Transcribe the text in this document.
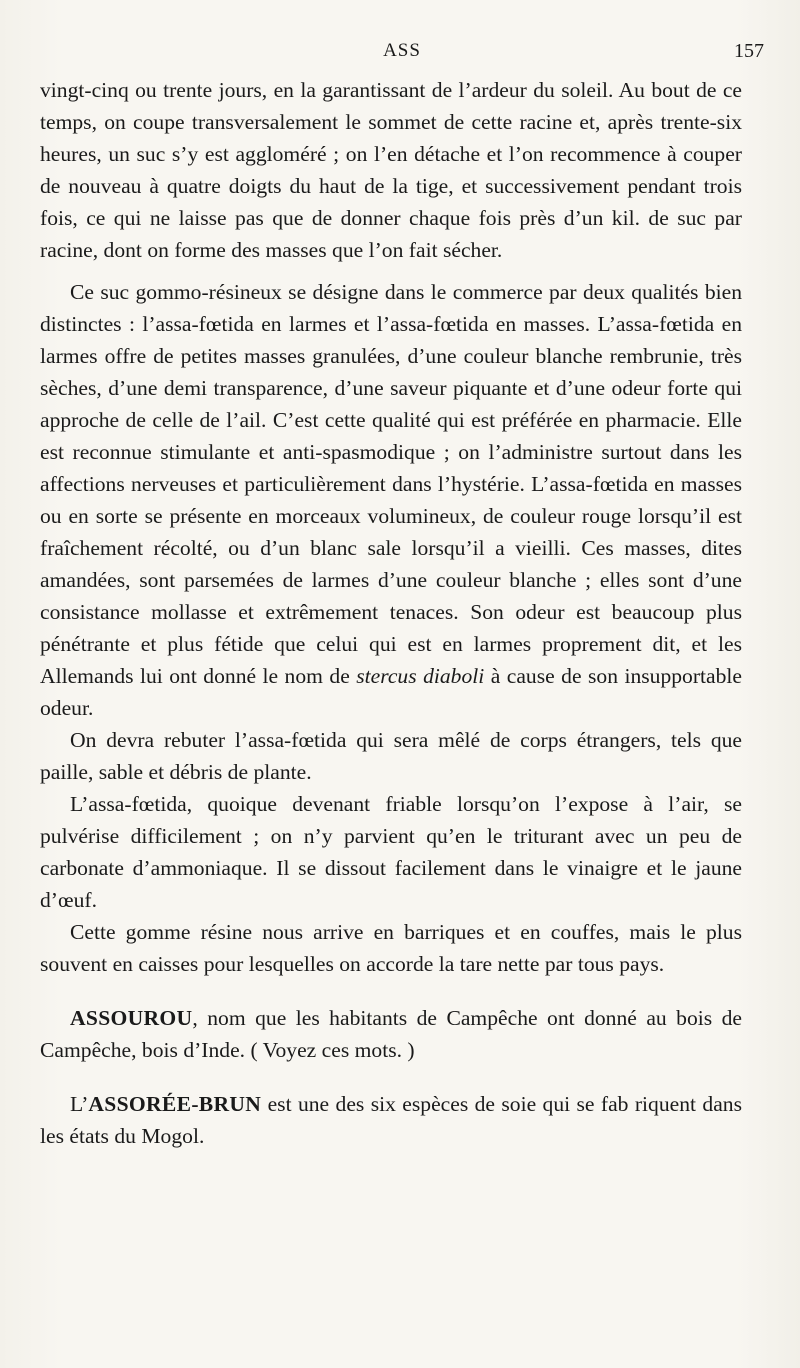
ASS	157

vingt-cinq ou trente jours, en la garantissant de l’ardeur du soleil. Au bout de ce temps, on coupe transversalement le sommet de cette racine et, après trente-six heures, un suc s’y est aggloméré ; on l’en détache et l’on recommence à couper de nouveau à quatre doigts du haut de la tige, et successivement pendant trois fois, ce qui ne laisse pas que de donner chaque fois près d’un kil. de suc par racine, dont on forme des masses que l’on fait sécher.

Ce suc gommo-résineux se désigne dans le commerce par deux qualités bien distinctes : l’assa-fœtida en larmes et l’assa-fœtida en masses. L’assa-fœtida en larmes offre de petites masses granulées, d’une couleur blanche rembrunie, très sèches, d’une demi transparence, d’une saveur piquante et d’une odeur forte qui approche de celle de l’ail. C’est cette qualité qui est préférée en pharmacie. Elle est reconnue stimulante et anti-spasmodique ; on l’administre surtout dans les affections nerveuses et particulièrement dans l’hystérie. L’assa-fœtida en masses ou en sorte se présente en morceaux volumineux, de couleur rouge lorsqu’il est fraîchement récolté, ou d’un blanc sale lorsqu’il a vieilli. Ces masses, dites amandées, sont parsemées de larmes d’une couleur blanche ; elles sont d’une consistance mollasse et extrêmement tenaces. Son odeur est beaucoup plus pénétrante et plus fétide que celui qui est en larmes proprement dit, et les Allemands lui ont donné le nom de stercus diaboli à cause de son insupportable odeur.

On devra rebuter l’assa-fœtida qui sera mêlé de corps étrangers, tels que paille, sable et débris de plante.

L’assa-fœtida, quoique devenant friable lorsqu’on l’expose à l’air, se pulvérise difficilement ; on n’y parvient qu’en le triturant avec un peu de carbonate d’ammoniaque. Il se dissout facilement dans le vinaigre et le jaune d’œuf.

Cette gomme résine nous arrive en barriques et en couffes, mais le plus souvent en caisses pour lesquelles on accorde la tare nette par tous pays.

ASSOUROU, nom que les habitants de Campêche ont donné au bois de Campêche, bois d’Inde. ( Voyez ces mots. )

L’ASSORÉE-BRUN est une des six espèces de soie qui se fab riquent dans les états du Mogol.
